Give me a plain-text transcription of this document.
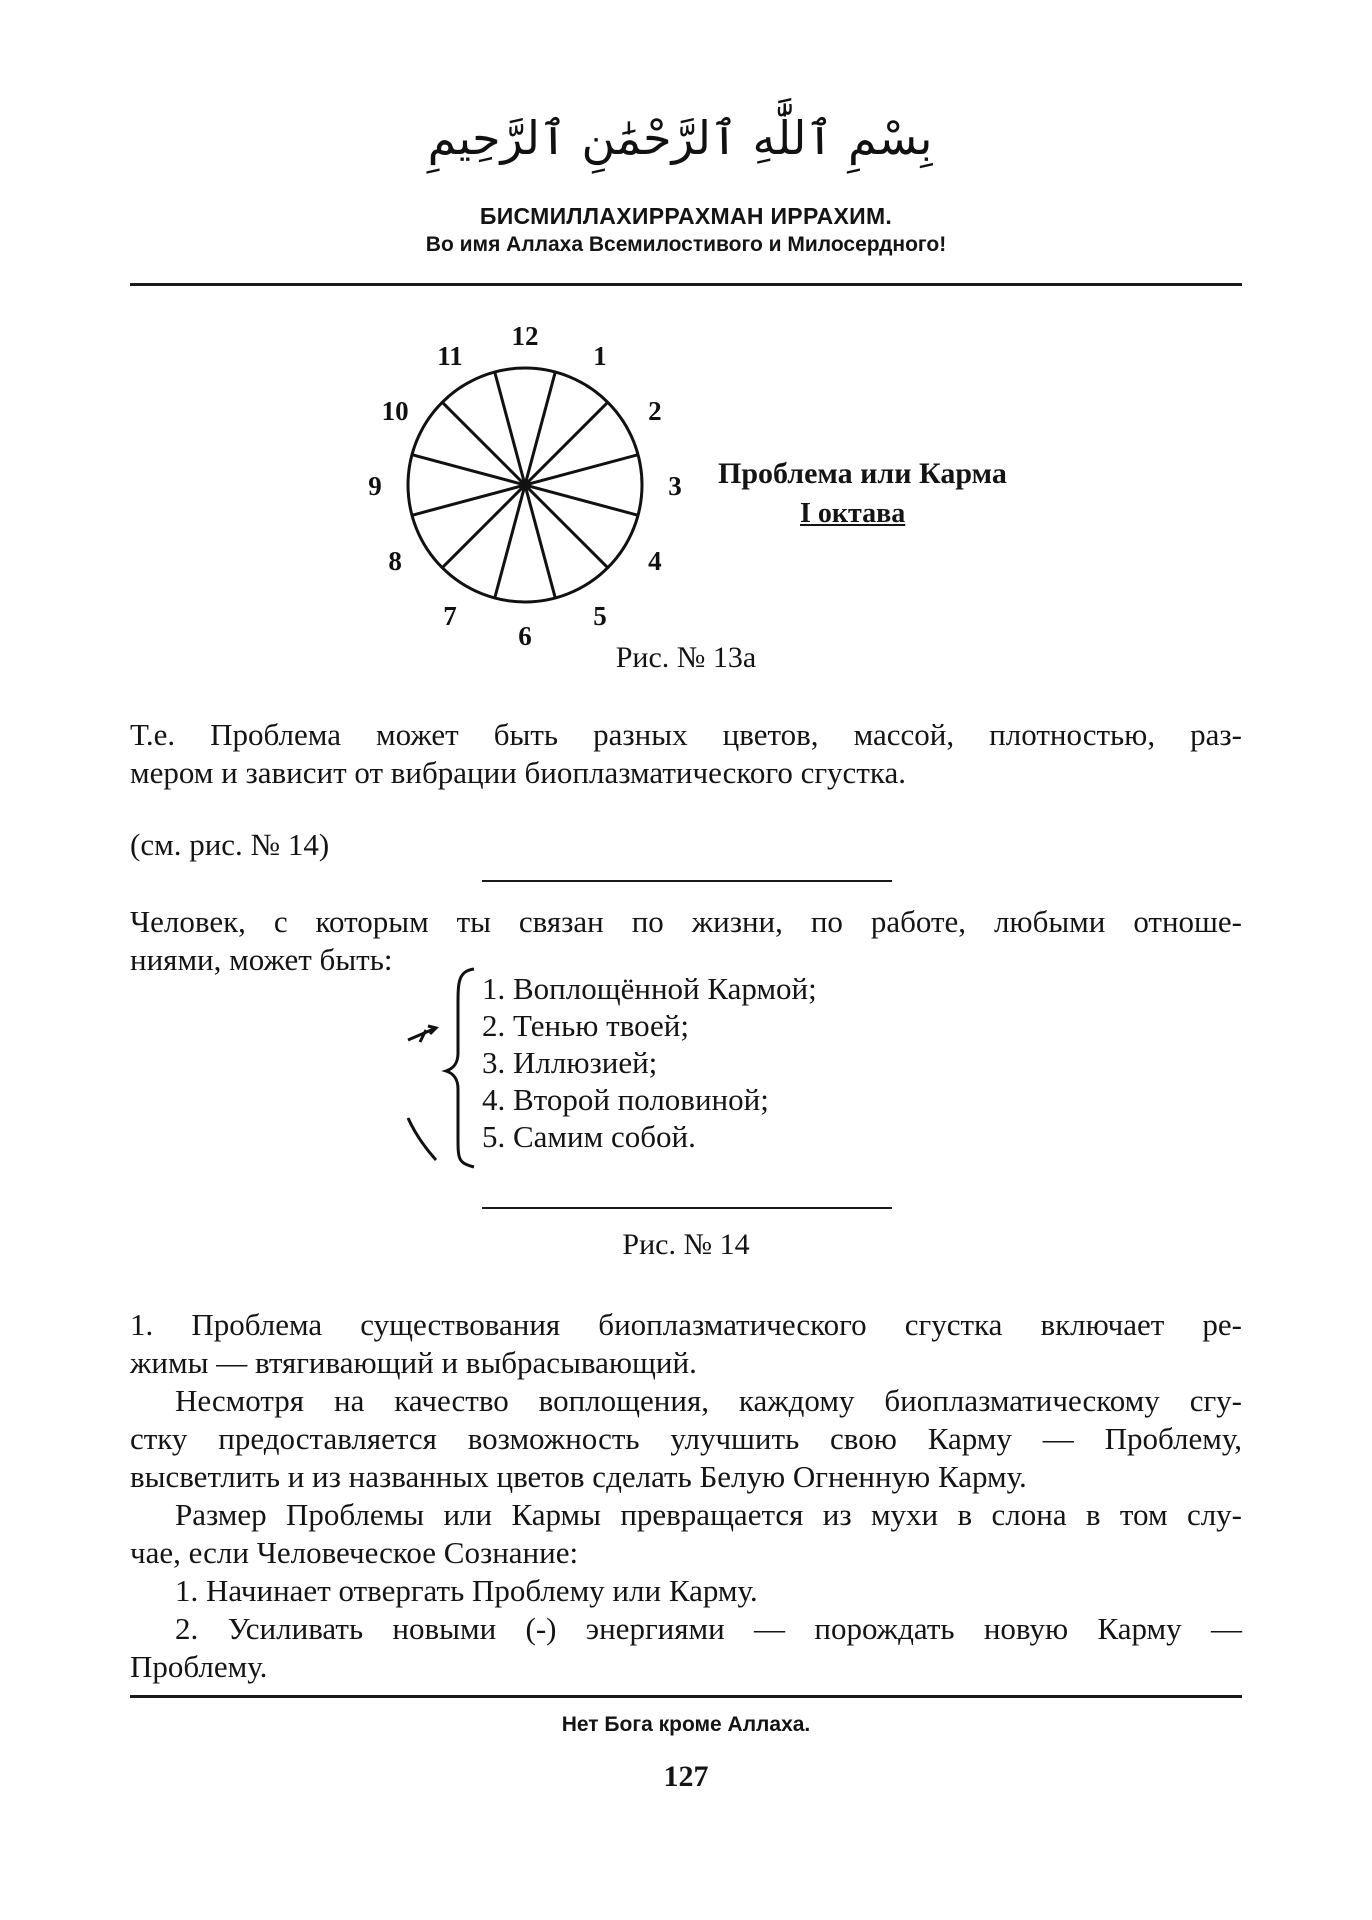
بِسْمِ ٱللَّٰهِ ٱلرَّحْمَٰنِ ٱلرَّحِيمِ
БИСМИЛЛАХИРРАХМАН ИРРАХИМ.
Во имя Аллаха Всемилостивого и Милосердного!
1
2
3
4
5
6
7
8
9
10
11
12
Проблема или Карма
I октава
Рис. № 13а
Т.е. Проблема может быть разных цветов, массой, плотностью, раз-
мером и зависит от вибрации биоплазматического сгустка.
(см. рис. № 14)
Человек, с которым ты связан по жизни, по работе, любыми отноше-
ниями, может быть:
1. Воплощённой Кармой;
2. Тенью твоей;
3. Иллюзией;
4. Второй половиной;
5. Самим собой.
Рис. № 14
1. Проблема существования биоплазматического сгустка включает ре-
жимы — втягивающий и выбрасывающий.
Несмотря на качество воплощения, каждому биоплазматическому сгу-
стку предоставляется возможность улучшить свою Карму — Проблему,
высветлить и из названных цветов сделать Белую Огненную Карму.
Размер Проблемы или Кармы превращается из мухи в слона в том слу-
чае, если Человеческое Сознание:
1. Начинает отвергать Проблему или Карму.
2. Усиливать новыми (-) энергиями — порождать новую Карму —
Проблему.
Нет Бога кроме Аллаха.
127
